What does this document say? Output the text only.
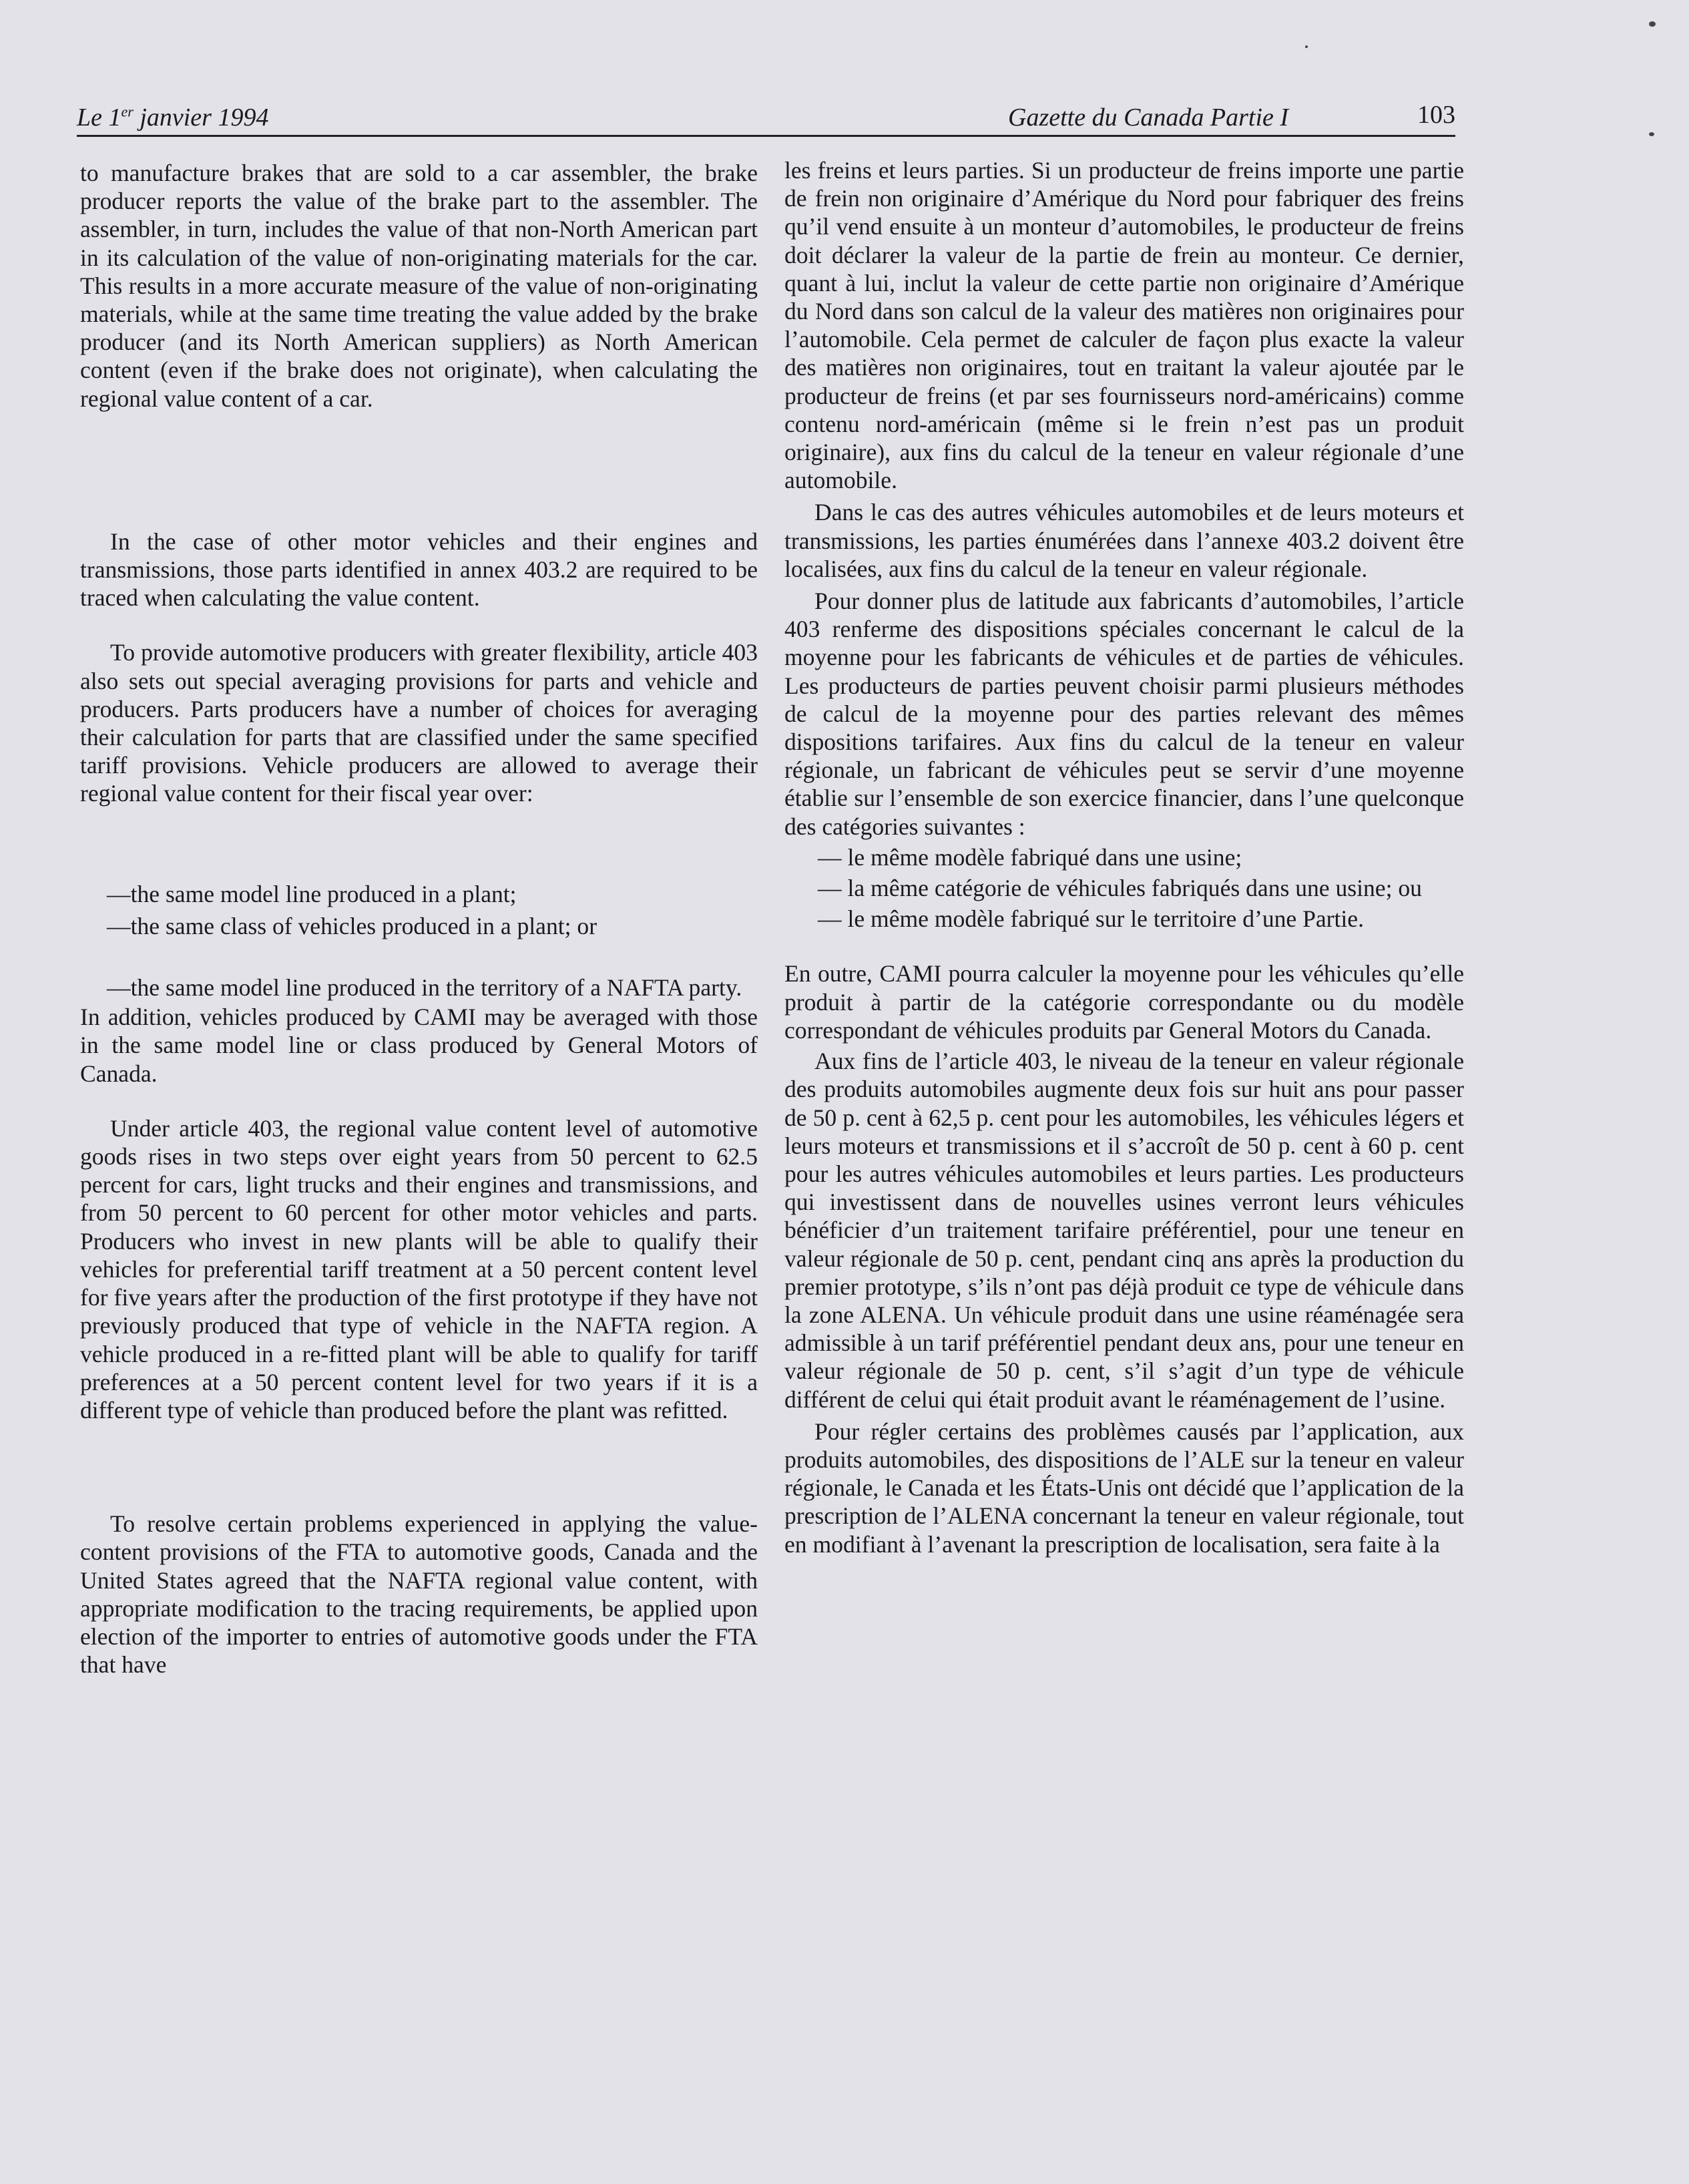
Le 1er janvier 1994	Gazette du Canada Partie I	103

to manufacture brakes that are sold to a car assembler, the brake producer reports the value of the brake part to the assembler. The assembler, in turn, includes the value of that non-North American part in its calculation of the value of non-originating materials for the car. This results in a more accurate measure of the value of non-originating materials, while at the same time treating the value added by the brake producer (and its North American suppliers) as North American content (even if the brake does not originate), when calculating the regional value content of a car.

In the case of other motor vehicles and their engines and transmissions, those parts identified in annex 403.2 are required to be traced when calculating the value content.

To provide automotive producers with greater flexibility, article 403 also sets out special averaging provisions for parts and vehicle and producers. Parts producers have a number of choices for averaging their calculation for parts that are classified under the same specified tariff provisions. Vehicle producers are allowed to average their regional value content for their fiscal year over:

—the same model line produced in a plant;

—the same class of vehicles produced in a plant; or

—the same model line produced in the territory of a NAFTA party.

In addition, vehicles produced by CAMI may be averaged with those in the same model line or class produced by General Motors of Canada.

Under article 403, the regional value content level of automotive goods rises in two steps over eight years from 50 percent to 62.5 percent for cars, light trucks and their engines and transmissions, and from 50 percent to 60 percent for other motor vehicles and parts. Producers who invest in new plants will be able to qualify their vehicles for preferential tariff treatment at a 50 percent content level for five years after the production of the first prototype if they have not previously produced that type of vehicle in the NAFTA region. A vehicle produced in a re-fitted plant will be able to qualify for tariff preferences at a 50 percent content level for two years if it is a different type of vehicle than produced before the plant was refitted.

To resolve certain problems experienced in applying the value-content provisions of the FTA to automotive goods, Canada and the United States agreed that the NAFTA regional value content, with appropriate modification to the tracing requirements, be applied upon election of the importer to entries of automotive goods under the FTA that have

les freins et leurs parties. Si un producteur de freins importe une partie de frein non originaire d’Amérique du Nord pour fabriquer des freins qu’il vend ensuite à un monteur d’automobiles, le producteur de freins doit déclarer la valeur de la partie de frein au monteur. Ce dernier, quant à lui, inclut la valeur de cette partie non originaire d’Amérique du Nord dans son calcul de la valeur des matières non originaires pour l’automobile. Cela permet de calculer de façon plus exacte la valeur des matières non originaires, tout en traitant la valeur ajoutée par le producteur de freins (et par ses fournisseurs nord-américains) comme contenu nord-américain (même si le frein n’est pas un produit originaire), aux fins du calcul de la teneur en valeur régionale d’une automobile.

Dans le cas des autres véhicules automobiles et de leurs moteurs et transmissions, les parties énumérées dans l’annexe 403.2 doivent être localisées, aux fins du calcul de la teneur en valeur régionale.

Pour donner plus de latitude aux fabricants d’automobiles, l’article 403 renferme des dispositions spéciales concernant le calcul de la moyenne pour les fabricants de véhicules et de parties de véhicules. Les producteurs de parties peuvent choisir parmi plusieurs méthodes de calcul de la moyenne pour des parties relevant des mêmes dispositions tarifaires. Aux fins du calcul de la teneur en valeur régionale, un fabricant de véhicules peut se servir d’une moyenne établie sur l’ensemble de son exercice financier, dans l’une quelconque des catégories suivantes :

— le même modèle fabriqué dans une usine;

— la même catégorie de véhicules fabriqués dans une usine; ou

— le même modèle fabriqué sur le territoire d’une Partie.

En outre, CAMI pourra calculer la moyenne pour les véhicules qu’elle produit à partir de la catégorie correspondante ou du modèle correspondant de véhicules produits par General Motors du Canada.

Aux fins de l’article 403, le niveau de la teneur en valeur régionale des produits automobiles augmente deux fois sur huit ans pour passer de 50 p. cent à 62,5 p. cent pour les automobiles, les véhicules légers et leurs moteurs et transmissions et il s’accroît de 50 p. cent à 60 p. cent pour les autres véhicules automobiles et leurs parties. Les producteurs qui investissent dans de nouvelles usines verront leurs véhicules bénéficier d’un traitement tarifaire préférentiel, pour une teneur en valeur régionale de 50 p. cent, pendant cinq ans après la production du premier prototype, s’ils n’ont pas déjà produit ce type de véhicule dans la zone ALENA. Un véhicule produit dans une usine réaménagée sera admissible à un tarif préférentiel pendant deux ans, pour une teneur en valeur régionale de 50 p. cent, s’il s’agit d’un type de véhicule différent de celui qui était produit avant le réaménagement de l’usine.

Pour régler certains des problèmes causés par l’application, aux produits automobiles, des dispositions de l’ALE sur la teneur en valeur régionale, le Canada et les États-Unis ont décidé que l’application de la prescription de l’ALENA concernant la teneur en valeur régionale, tout en modifiant à l’avenant la prescription de localisation, sera faite à la
